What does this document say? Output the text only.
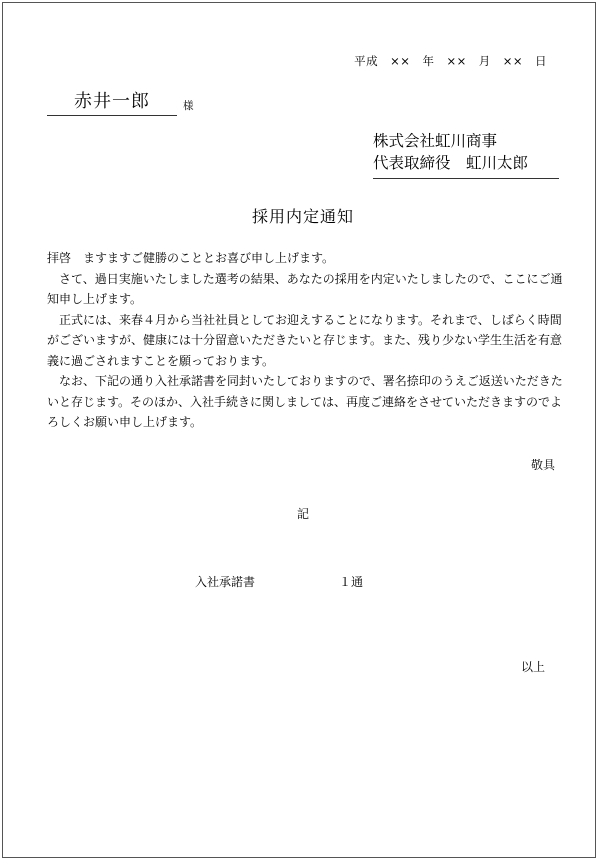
平成　××　年　××　月　××　日
赤井一郎	様
株式会社虹川商事
代表取締役　虹川太郎
採用内定通知

拝啓　ますますご健勝のこととお喜び申し上げます。

　さて、過日実施いたしました選考の結果、あなたの採用を内定いたしましたので、ここにご通知申し上げます。

　正式には、来春４月から当社社員としてお迎えすることになります。それまで、しばらく時間がございますが、健康には十分留意いただきたいと存じます。また、残り少ない学生生活を有意義に過ごされますことを願っております。

　なお、下記の通り入社承諾書を同封いたしておりますので、署名捺印のうえご返送いただきたいと存じます。そのほか、入社手続きに関しましては、再度ご連絡をさせていただきますのでよろしくお願い申し上げます。

敬具
記
入社承諾書	１通
以上
